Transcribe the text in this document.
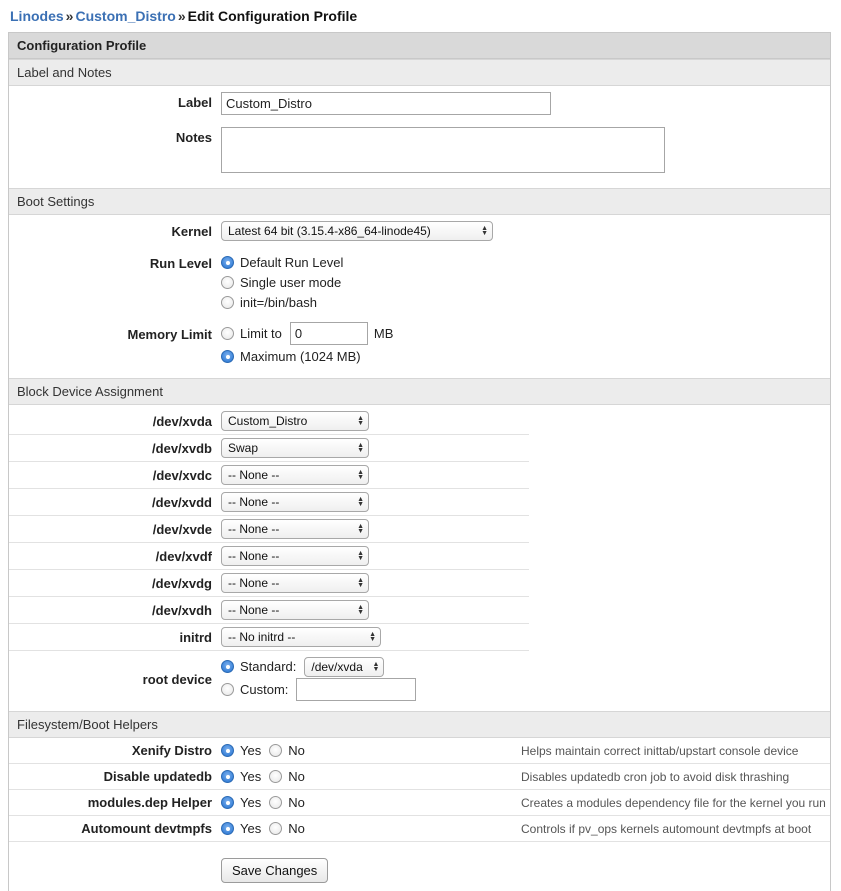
Linodes » Custom_Distro » Edit Configuration Profile
Configuration Profile
Label and Notes
Label
Custom_Distro
Notes
Boot Settings
Kernel	Latest 64 bit (3.15.4-x86_64-linode45)	▲
▼
Run Level	Default Run Level
Single user mode
init=/bin/bash
Memory Limit	Limit to
0	MB
Maximum (1024 MB)
Block Device Assignment
/dev/xvda	Custom_Distro	▲
▼
/dev/xvdb	Swap	▲
▼
/dev/xvdc	-- None --	▲
▼
/dev/xvdd	-- None --	▲
▼
/dev/xvde	-- None --	▲
▼
/dev/xvdf	-- None --	▲
▼
/dev/xvdg	-- None --	▲
▼
/dev/xvdh	-- None --	▲
▼
initrd	-- No initrd --	▲
▼
root device
Standard: /dev/xvda ▲
▼
Custom:
Filesystem/Boot Helpers
Xenify Distro	Yes No	Helps maintain correct inittab/upstart console device
Disable updatedb	Yes No	Disables updatedb cron job to avoid disk thrashing
modules.dep Helper	Yes No	Creates a modules dependency file for the kernel you run
Automount devtmpfs	Yes No	Controls if pv_ops kernels automount devtmpfs at boot
Save Changes
